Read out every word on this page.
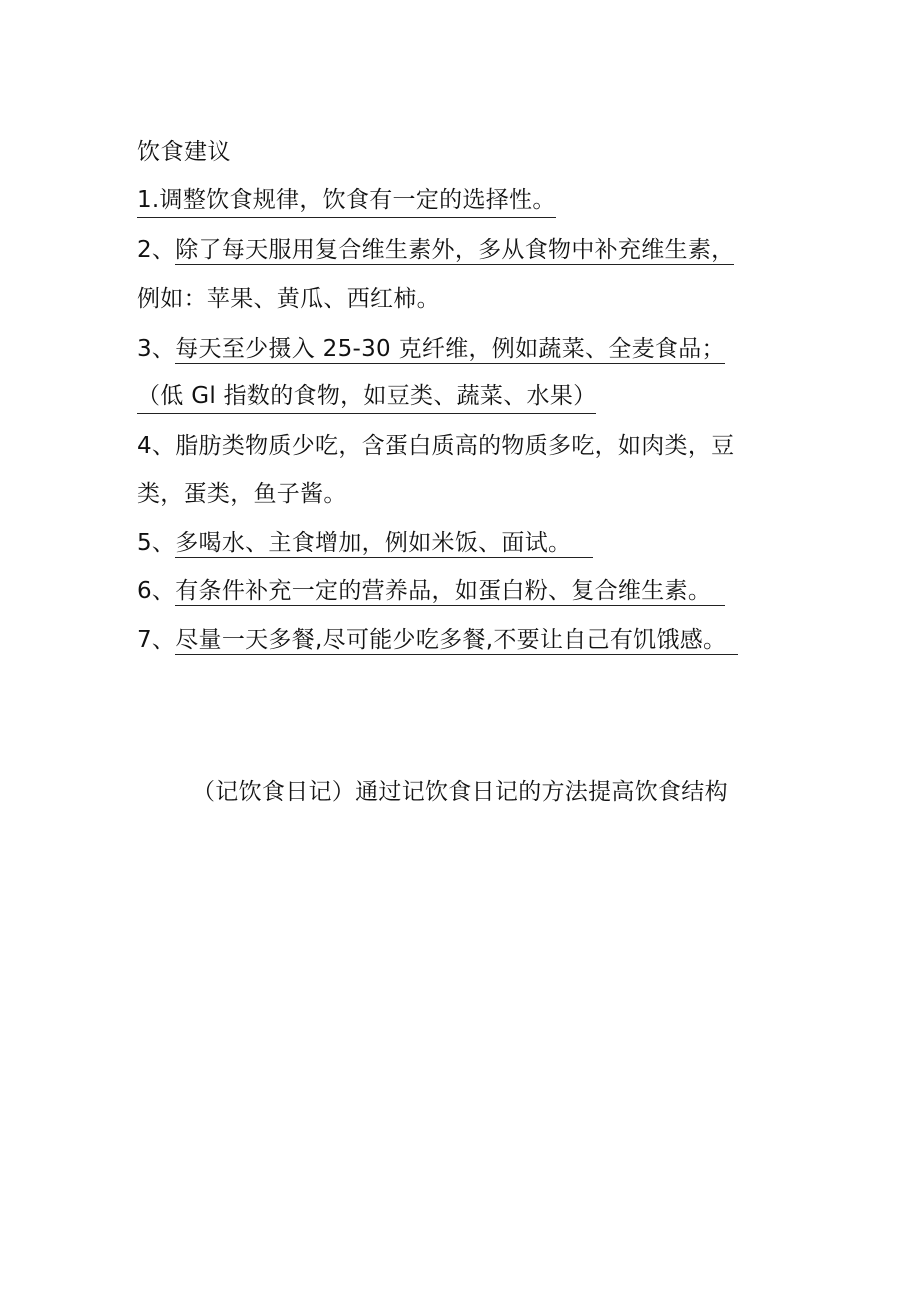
饮食建议
1.调整饮食规律，饮食有一定的选择性。
2、除了每天服用复合维生素外，多从食物中补充维生素，
例如：苹果、黄瓜、西红柿。
3、每天至少摄入 25-30 克纤维，例如蔬菜、全麦食品；
（低 Gl 指数的食物，如豆类、蔬菜、水果）
4、脂肪类物质少吃，含蛋白质高的物质多吃，如肉类，豆
类，蛋类，鱼子酱。
5、多喝水、主食增加，例如米饭、面试。
6、有条件补充一定的营养品，如蛋白粉、复合维生素。
7、尽量一天多餐,尽可能少吃多餐,不要让自己有饥饿感。
（记饮食日记）通过记饮食日记的方法提高饮食结构
